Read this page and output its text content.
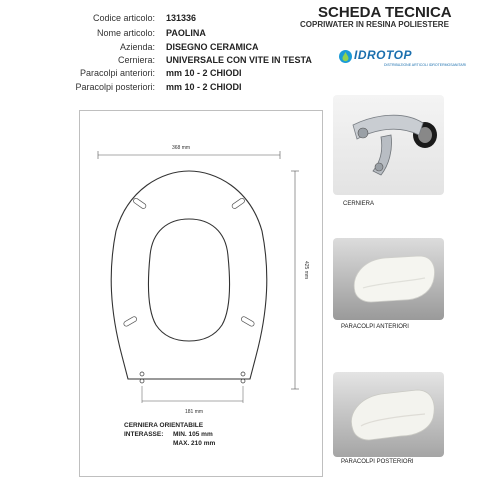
SCHEDA TECNICA
COPRIWATER IN RESINA POLIESTERE
Codice articolo: 131336
Nome articolo: PAOLINA
Azienda: DISEGNO CERAMICA
Cerniera: UNIVERSALE CON VITE IN TESTA
Paracolpi anteriori: mm 10 - 2 CHIODI
Paracolpi posteriori: mm 10 - 2 CHIODI
IDROTOP
DISTRIBUZIONE ARTICOLI IDROTERMOSANITARI
368 mm
425 mm
181 mm
CERNIERA ORIENTABILE
INTERASSE: MIN. 105 mm
MAX. 210 mm
CERNIERA
PARACOLPI ANTERIORI
PARACOLPI POSTERIORI
